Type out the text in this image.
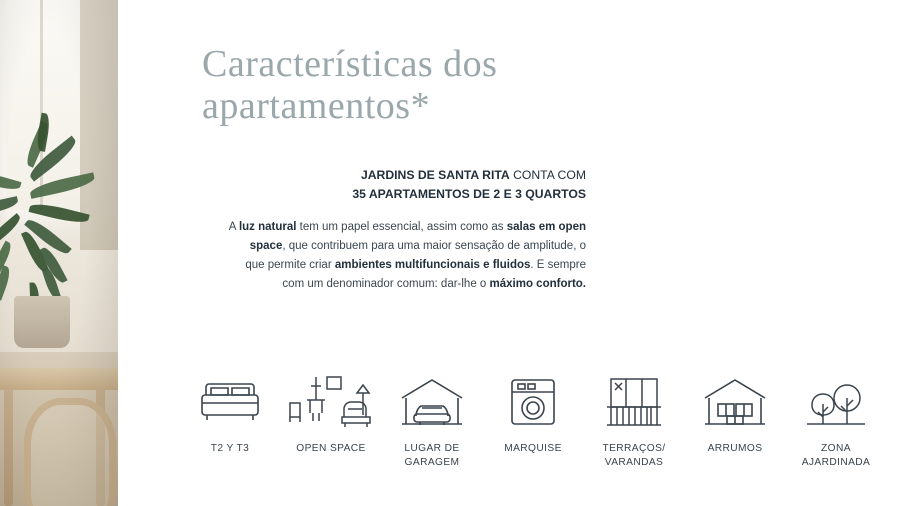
Características dos
apartamentos*
JARDINS DE SANTA RITA CONTA COM
35 APARTAMENTOS DE 2 E 3 QUARTOS
A luz natural tem um papel essencial, assim como as salas em open space, que contribuem para uma maior sensação de amplitude, o que permite criar ambientes multifuncionais e fluidos. E sempre com um denominador comum: dar-lhe o máximo conforto.
T2 Y T3	OPEN SPACE	LUGAR DE GARAGEM
MARQUISE	TERRAÇOS/ VARANDAS
ARRUMOS	ZONA AJARDINADA
